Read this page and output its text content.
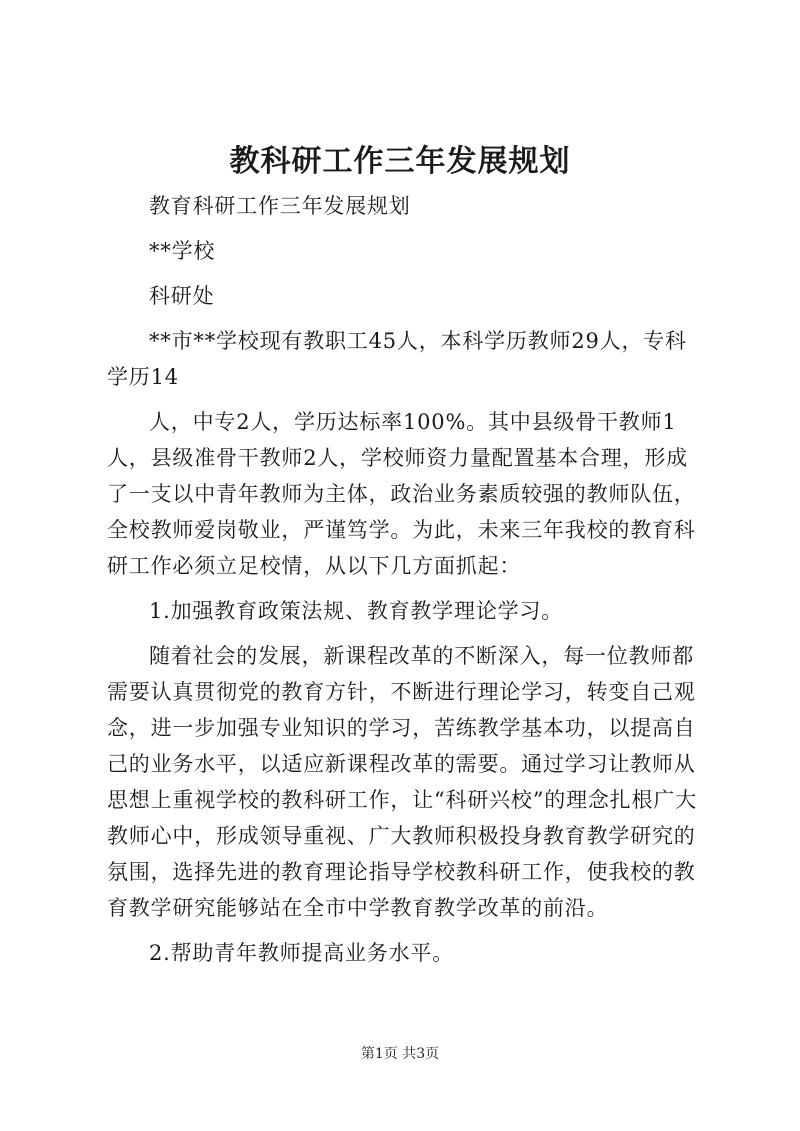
教科研工作三年发展规划

教育科研工作三年发展规划

**学校

科研处

**市**学校现有教职工45人，本科学历教师29人，专科学历14

人，中专2人，学历达标率100%。其中县级骨干教师1人，县级准骨干教师2人，学校师资力量配置基本合理，形成了一支以中青年教师为主体，政治业务素质较强的教师队伍，全校教师爱岗敬业，严谨笃学。为此，未来三年我校的教育科研工作必须立足校情，从以下几方面抓起：

1.加强教育政策法规、教育教学理论学习。

随着社会的发展，新课程改革的不断深入，每一位教师都需要认真贯彻党的教育方针，不断进行理论学习，转变自己观念，进一步加强专业知识的学习，苦练教学基本功，以提高自己的业务水平，以适应新课程改革的需要。通过学习让教师从思想上重视学校的教科研工作，让“科研兴校”的理念扎根广大教师心中，形成领导重视、广大教师积极投身教育教学研究的氛围，选择先进的教育理论指导学校教科研工作，使我校的教育教学研究能够站在全市中学教育教学改革的前沿。

2.帮助青年教师提高业务水平。

第1页 共3页
